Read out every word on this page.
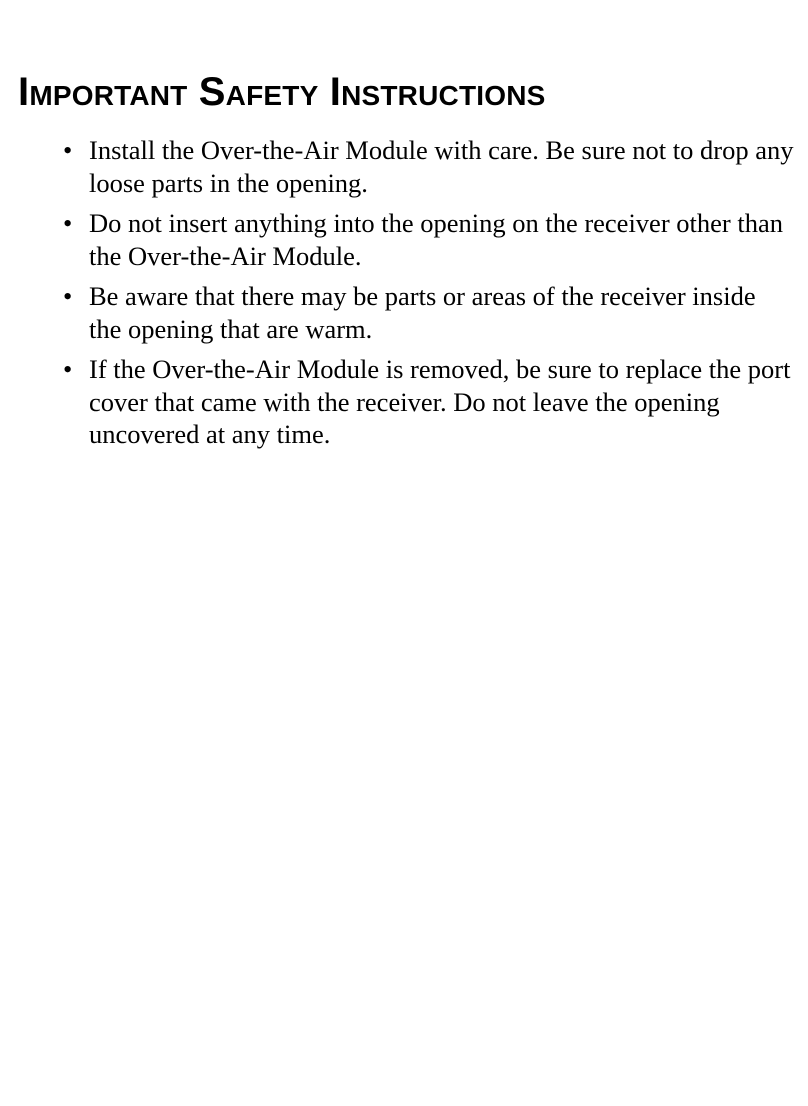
Important Safety Instructions
• Install the Over-the-Air Module with care. Be sure not to drop any loose parts in the opening.
• Do not insert anything into the opening on the receiver other than the Over-the-Air Module.
• Be aware that there may be parts or areas of the receiver inside the opening that are warm.
• If the Over-the-Air Module is removed, be sure to replace the port cover that came with the receiver. Do not leave the opening uncovered at any time.
